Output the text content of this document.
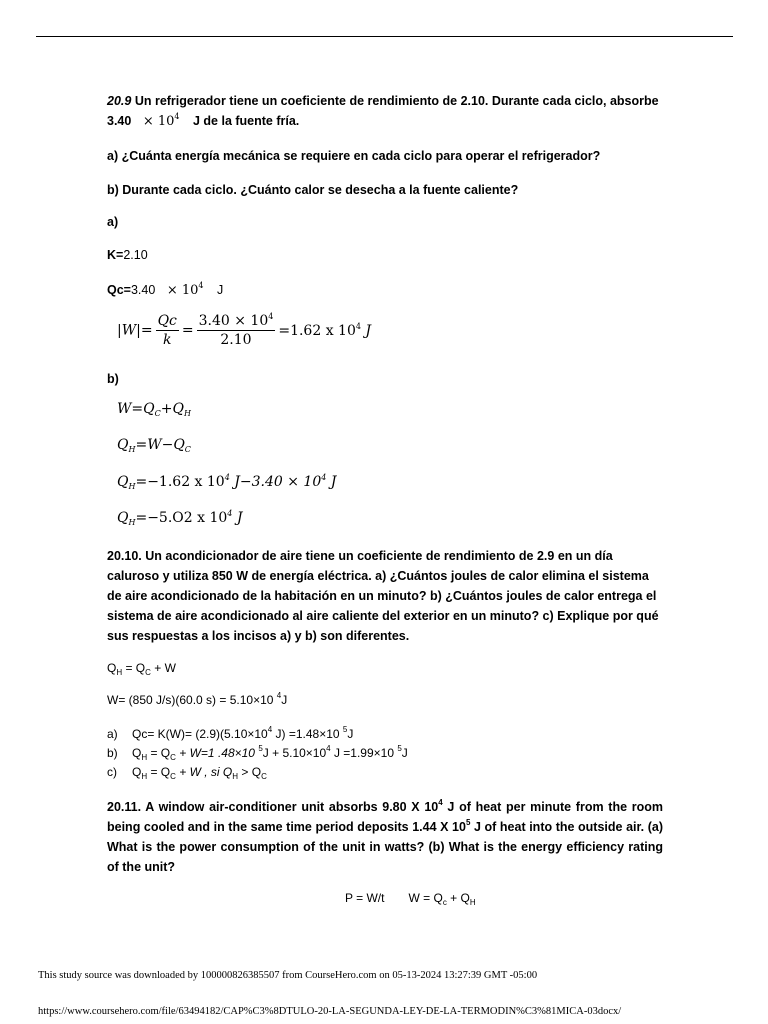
20.9 Un refrigerador tiene un coeficiente de rendimiento de 2.10. Durante cada ciclo, absorbe
$3.40 \times 10^4$ J de la fuente fría.
a) ¿Cuánta energía mecánica se requiere en cada ciclo para operar el refrigerador?
b) Durante cada ciclo. ¿Cuánto calor se desecha a la fuente caliente?
a)
K=2.10
$Qc=3.40 \times 10^4$ J
$|W|= \frac{Qc}{k} = \frac{3.40 \times 10^4}{2.10} =1.62$ x $10^4$ J
b)
$W=Q_C+Q_H$
$Q_H=W-Q_C$
$Q_H=-1.62$ x $10^4$ $J-3.40 \times 10^4$ J
$Q_H=-5.O2$ x $10^4$ J
20.10. Un acondicionador de aire tiene un coeficiente de rendimiento de 2.9 en un día caluroso y utiliza 850 W de energía eléctrica. a) ¿Cuántos joules de calor elimina el sistema de aire acondicionado de la habitación en un minuto? b) ¿Cuántos joules de calor entrega el sistema de aire acondicionado al aire caliente del exterior en un minuto? c) Explique por qué sus respuestas a los incisos a) y b) son diferentes.
$Q_H = Q_C + W$
W= (850 J/s)(60.0 s) = 5.10×10 $^4$J
a) $Qc= K(W)= (2.9)(5.10\times 10^4$ J) =1.48×10 $^5$J
b) $Q_H = Q_C + W=1$ .48×10 $^5J + 5.10\times 10^4$ J =1.99×10 $^5$J
c) $Q_H = Q_C + W$ , si $Q_H > Q_C$
20.11. A window air-conditioner unit absorbs 9.80 X $10^4$ J of heat per minute from the room being cooled and in the same time period deposits 1.44 X $10^5$ J of heat into the outside air. (a) What is the power consumption of the unit in watts? (b) What is the energy efficiency rating of the unit?
P = W/t $W = Q_c + Q_H$
This study source was downloaded by 100000826385507 from CourseHero.com on 05-13-2024 13:27:39 GMT -05:00
https://www.coursehero.com/file/63494182/CAP%C3%8DTULO-20-LA-SEGUNDA-LEY-DE-LA-TERMODIN%C3%81MICA-03docx/
